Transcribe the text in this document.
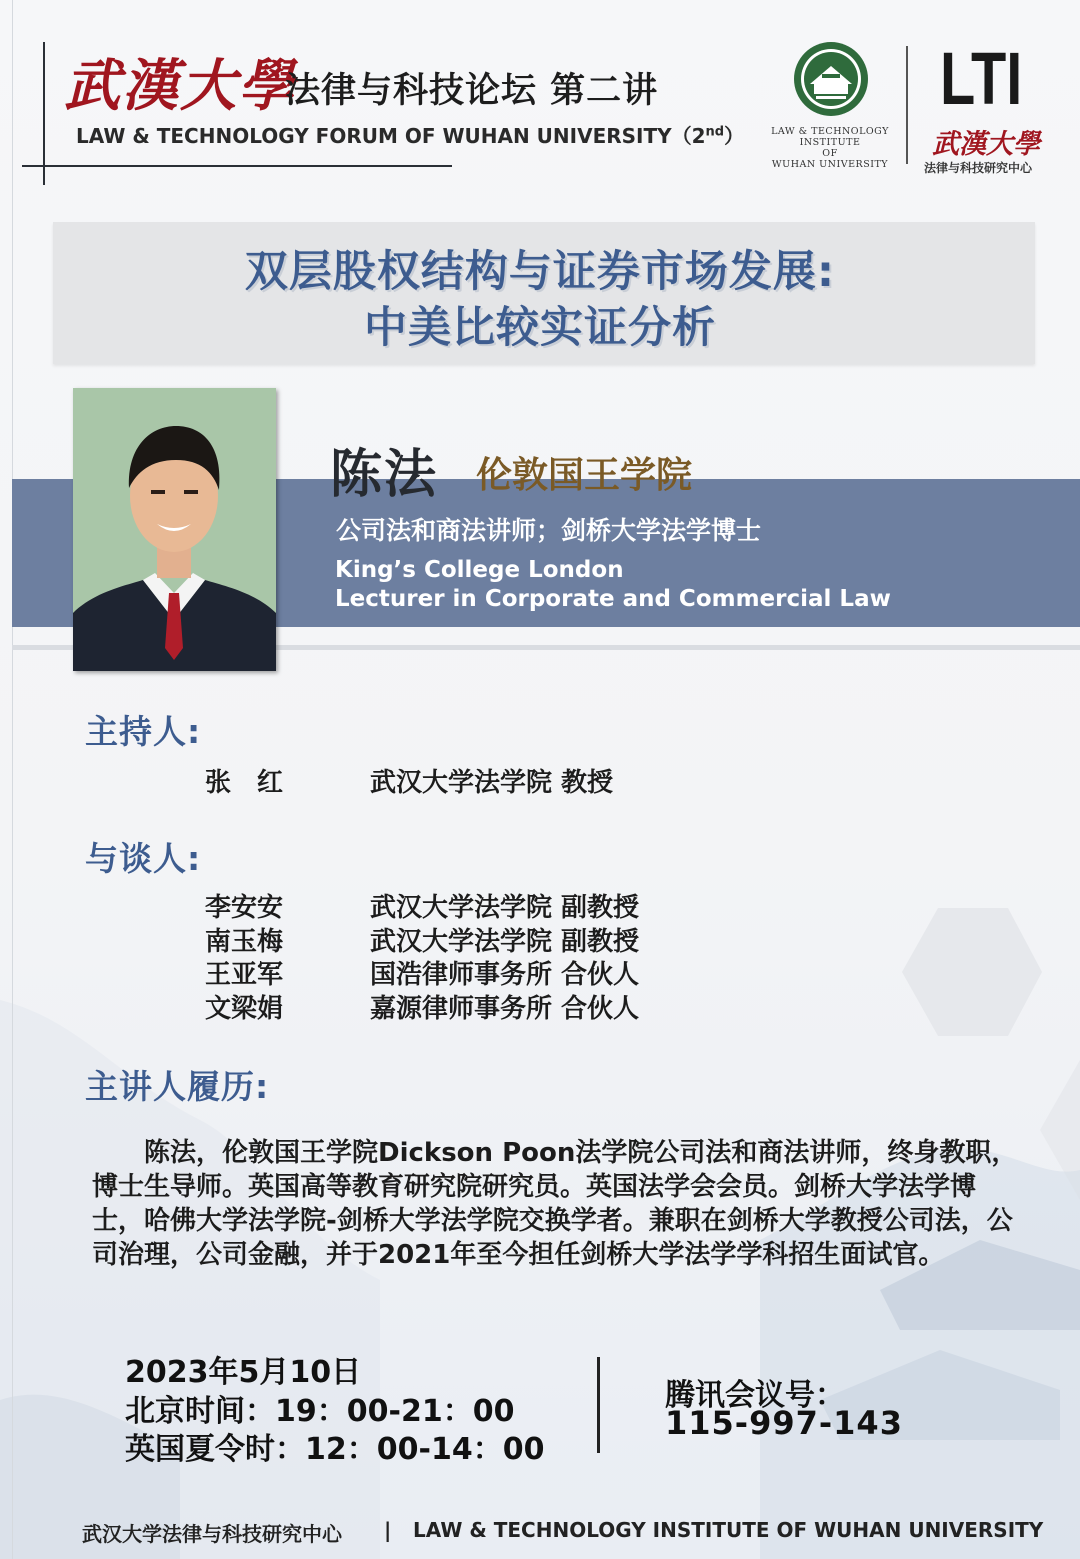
武漢大學
法律与科技论坛 第二讲
LAW & TECHNOLOGY FORUM OF WUHAN UNIVERSITY（2nd）	LAW & TECHNOLOGY
INSTITUTE
OF
WUHAN UNIVERSITY
LTI
武漢大學
法律与科技研究中心
双层股权结构与证券市场发展:
中美比较实证分析
陈法 伦敦国王学院
公司法和商法讲师；剑桥大学法学博士
King’s College London
Lecturer in Corporate and Commercial Law
主持人:
张　红	武汉大学法学院 教授
与谈人:
李安安	武汉大学法学院 副教授
南玉梅	武汉大学法学院 副教授
王亚军	国浩律师事务所 合伙人
文梁娟	嘉源律师事务所 合伙人
主讲人履历:

　　陈法，伦敦国王学院Dickson Poon法学院公司法和商法讲师，终身教职，博士生导师。英国高等教育研究院研究员。英国法学会会员。剑桥大学法学博士，哈佛大学法学院-剑桥大学法学院交换学者。兼职在剑桥大学教授公司法，公司治理，公司金融，并于2021年至今担任剑桥大学法学学科招生面试官。

2023年5月10日
北京时间：19：00-21：00
英国夏令时：12：00-14：00
腾讯会议号：
115-997-143
武汉大学法律与科技研究中心 | LAW & TECHNOLOGY INSTITUTE OF WUHAN UNIVERSITY
